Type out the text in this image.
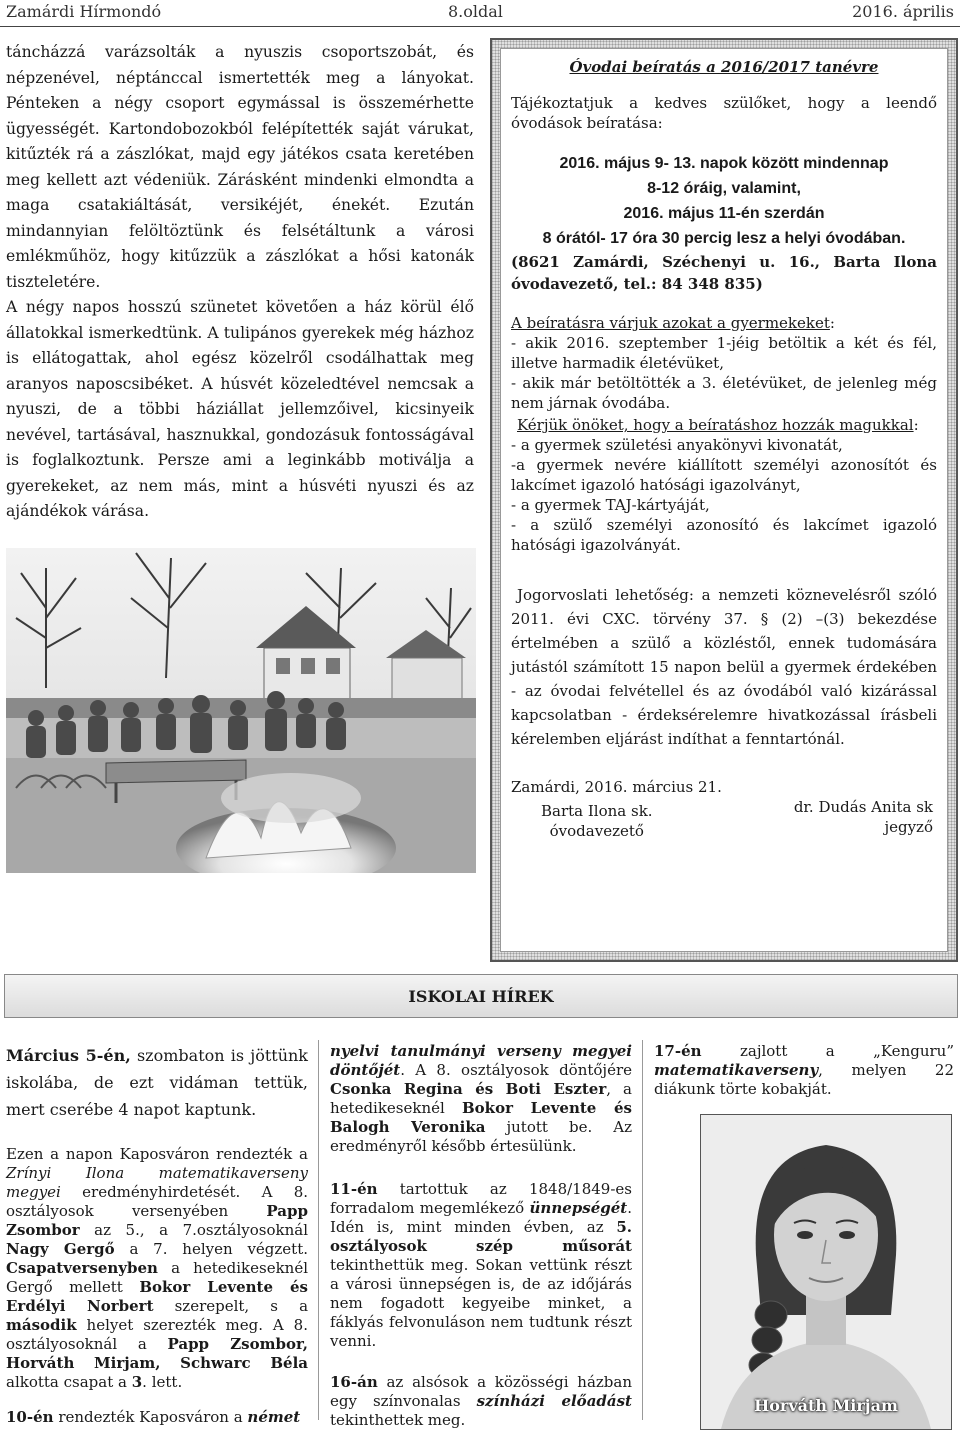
Zamárdi Hírmondó	8.oldal	2016. április

táncházzá varázsolták a nyuszis csoportszobát, és népzenével, néptánccal ismertették meg a lányokat. Pénteken a négy csoport egymással is összemérhette ügyességét. Kartondobozokból felépítették saját várukat, kitűzték rá a zászlókat, majd egy játékos csata keretében meg kellett azt védeniük. Zárásként mindenki elmondta a maga csatakiáltását, versikéjét, énekét. Ezután mindannyian felöltöztünk és felsétáltunk a városi emlékműhöz, hogy kitűzzük a zászlókat a hősi katonák tiszteletére.

A négy napos hosszú szünetet követően a ház körül élő állatokkal ismerkedtünk. A tulipános gyerekek még házhoz is ellátogattak, ahol egész közelről csodálhattak meg aranyos naposcsibéket. A húsvét közeledtével nemcsak a nyuszi, de a többi háziállat jellemzőivel, kicsinyeik nevével, tartásával, hasznukkal, gondozásuk fontosságával is foglalkoztunk. Persze ami a leginkább motiválja a gyerekeket, az nem más, mint a húsvéti nyuszi és az ajándékok várása.

Óvodai beíratás a 2016/2017 tanévre

Tájékoztatjuk a kedves szülőket, hogy a leendő óvodások beíratása:

2016. május 9- 13. napok között mindennap
8-12 óráig, valamint,
2016. május 11-én szerdán
8 órától- 17 óra 30 percig lesz a helyi óvodában.

(8621 Zamárdi, Széchenyi u. 16., Barta Ilona óvodavezető, tel.: 84 348 835)

A beíratásra várjuk azokat a gyermekeket:

- akik 2016. szeptember 1-jéig betöltik a két és fél, illetve harmadik életévüket,

- akik már betöltötték a 3. életévüket, de jelenleg még nem járnak óvodába.

Kérjük önöket, hogy a beíratáshoz hozzák magukkal:

- a gyermek születési anyakönyvi kivonatát,

-a gyermek nevére kiállított személyi azonosítót és lakcímet igazoló hatósági igazolványt,

- a gyermek TAJ-kártyáját,

- a szülő személyi azonosító és lakcímet igazoló hatósági igazolványát.

Jogorvoslati lehetőség: a nemzeti köznevelésről szóló 2011. évi CXC. törvény 37. § (2) –(3) bekezdése értelmében a szülő a közléstől, ennek tudomására jutástól számított 15 napon belül a gyermek érdekében - az óvodai felvétellel és az óvodából való kizárással kapcsolatban - érdeksérelemre hivatkozással írásbeli kérelemben eljárást indíthat a fenntartónál.

Zamárdi, 2016. március 21.

Barta Ilona sk.
óvodavezető
dr. Dudás Anita sk
jegyző
ISKOLAI HÍREK

Március 5-én, szombaton is jöttünk iskolába, de ezt vidáman tettük, mert cserébe 4 napot kaptunk.

Ezen a napon Kaposváron rendezték a Zrínyi Ilona matematikaverseny megyei eredményhirdetését. A 8. osztályosok versenyében Papp Zsombor az 5., a 7.osztályosoknál Nagy Gergő a 7. helyen végzett. Csapatversenyben a hetedikeseknél Gergő mellett Bokor Levente és Erdélyi Norbert szerepelt, s a második helyet szerezték meg. A 8. osztályosoknál a Papp Zsombor, Horváth Mirjam, Schwarc Béla alkotta csapat a 3. lett.

10-én rendezték Kaposváron a német

nyelvi tanulmányi verseny megyei döntőjét. A 8. osztályosok döntőjére Csonka Regina és Boti Eszter, a hetedikeseknél Bokor Levente és Balogh Veronika jutott be. Az eredményről később értesülünk.

11-én tartottuk az 1848/1849-es forradalom megemlékező ünnepségét. Idén is, mint minden évben, az 5. osztályosok szép műsorát tekinthettük meg. Sokan vettünk részt a városi ünnepségen is, de az időjárás nem fogadott kegyeibe minket, a fáklyás felvonuláson nem tudtunk részt venni.

16-án az alsósok a közösségi házban egy színvonalas színházi előadást tekinthettek meg.

17-én zajlott a „Kenguru” matematikaverseny, melyen 22 diákunk törte kobakját.

Horváth Mirjam
